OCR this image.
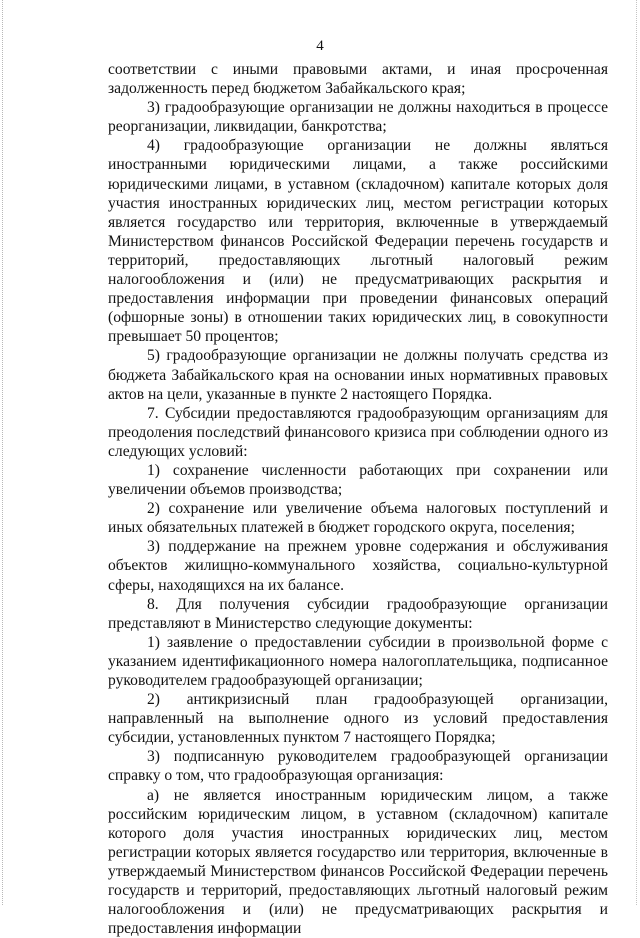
4

соответствии с иными правовыми актами, и иная просроченная задолженность перед бюджетом Забайкальского края;

3) градообразующие организации не должны находиться в процессе реорганизации, ликвидации, банкротства;

4) градообразующие организации не должны являться иностранными юридическими лицами, а также российскими юридическими лицами, в уставном (складочном) капитале которых доля участия иностранных юридических лиц, местом регистрации которых является государство или территория, включенные в утверждаемый Министерством финансов Российской Федерации перечень государств и территорий, предоставляющих льготный налоговый режим налогообложения и (или) не предусматривающих раскрытия и предоставления информации при проведении финансовых операций (офшорные зоны) в отношении таких юридических лиц, в совокупности превышает 50 процентов;

5) градообразующие организации не должны получать средства из бюджета Забайкальского края на основании иных нормативных правовых актов на цели, указанные в пункте 2 настоящего Порядка.

7. Субсидии предоставляются градообразующим организациям для преодоления последствий финансового кризиса при соблюдении одного из следующих условий:

1) сохранение численности работающих при сохранении или увеличении объемов производства;

2) сохранение или увеличение объема налоговых поступлений и иных обязательных платежей в бюджет городского округа, поселения;

3) поддержание на прежнем уровне содержания и обслуживания объектов жилищно-коммунального хозяйства, социально-культурной сферы, находящихся на их балансе.

8. Для получения субсидии градообразующие организации представляют в Министерство следующие документы:

1) заявление о предоставлении субсидии в произвольной форме с указанием идентификационного номера налогоплательщика, подписанное руководителем градообразующей организации;

2) антикризисный план градообразующей организации, направленный на выполнение одного из условий предоставления субсидии, установленных пунктом 7 настоящего Порядка;

3) подписанную руководителем градообразующей организации справку о том, что градообразующая организация:

а) не является иностранным юридическим лицом, а также российским юридическим лицом, в уставном (складочном) капитале которого доля участия иностранных юридических лиц, местом регистрации которых является государство или территория, включенные в утверждаемый Министерством финансов Российской Федерации перечень государств и территорий, предоставляющих льготный налоговый режим налогообложения и (или) не предусматривающих раскрытия и предоставления информации
